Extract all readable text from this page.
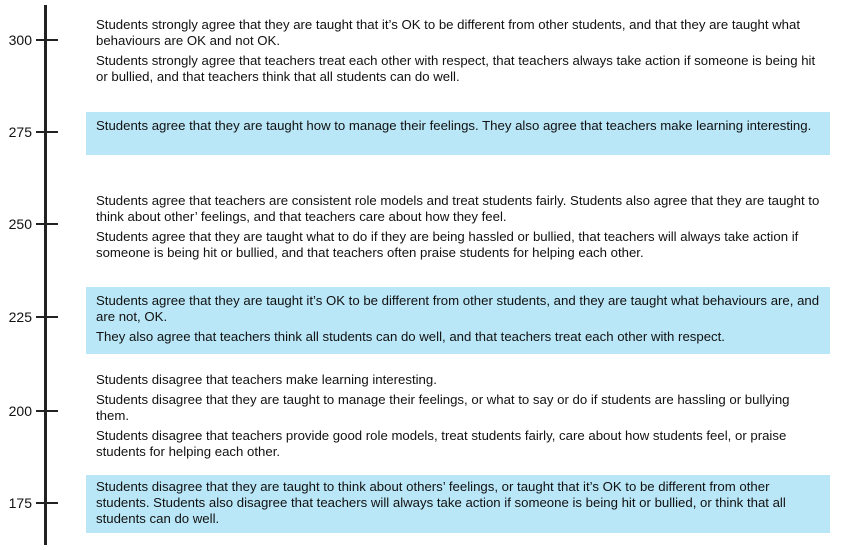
300
275
250
225
200
175

Students strongly agree that they are taught that it’s OK to be different from other students, and that they are taught what behaviours are OK and not OK.

Students strongly agree that teachers treat each other with respect, that teachers always take action if someone is being hit or bullied, and that teachers think that all students can do well.

Students agree that they are taught how to manage their feelings. They also agree that teachers make learning interesting.

Students agree that teachers are consistent role models and treat students fairly. Students also agree that they are taught to think about other’ feelings, and that teachers care about how they feel.

Students agree that they are taught what to do if they are being hassled or bullied, that teachers will always take action if someone is being hit or bullied, and that teachers often praise students for helping each other.

Students agree that they are taught it’s OK to be different from other students, and they are taught what behaviours are, and are not, OK.

They also agree that teachers think all students can do well, and that teachers treat each other with respect.

Students disagree that teachers make learning interesting.

Students disagree that they are taught to manage their feelings, or what to say or do if students are hassling or bullying them.

Students disagree that teachers provide good role models, treat students fairly, care about how students feel, or praise students for helping each other.

Students disagree that they are taught to think about others’ feelings, or taught that it’s OK to be different from other students. Students also disagree that teachers will always take action if someone is being hit or bullied, or think that all students can do well.
